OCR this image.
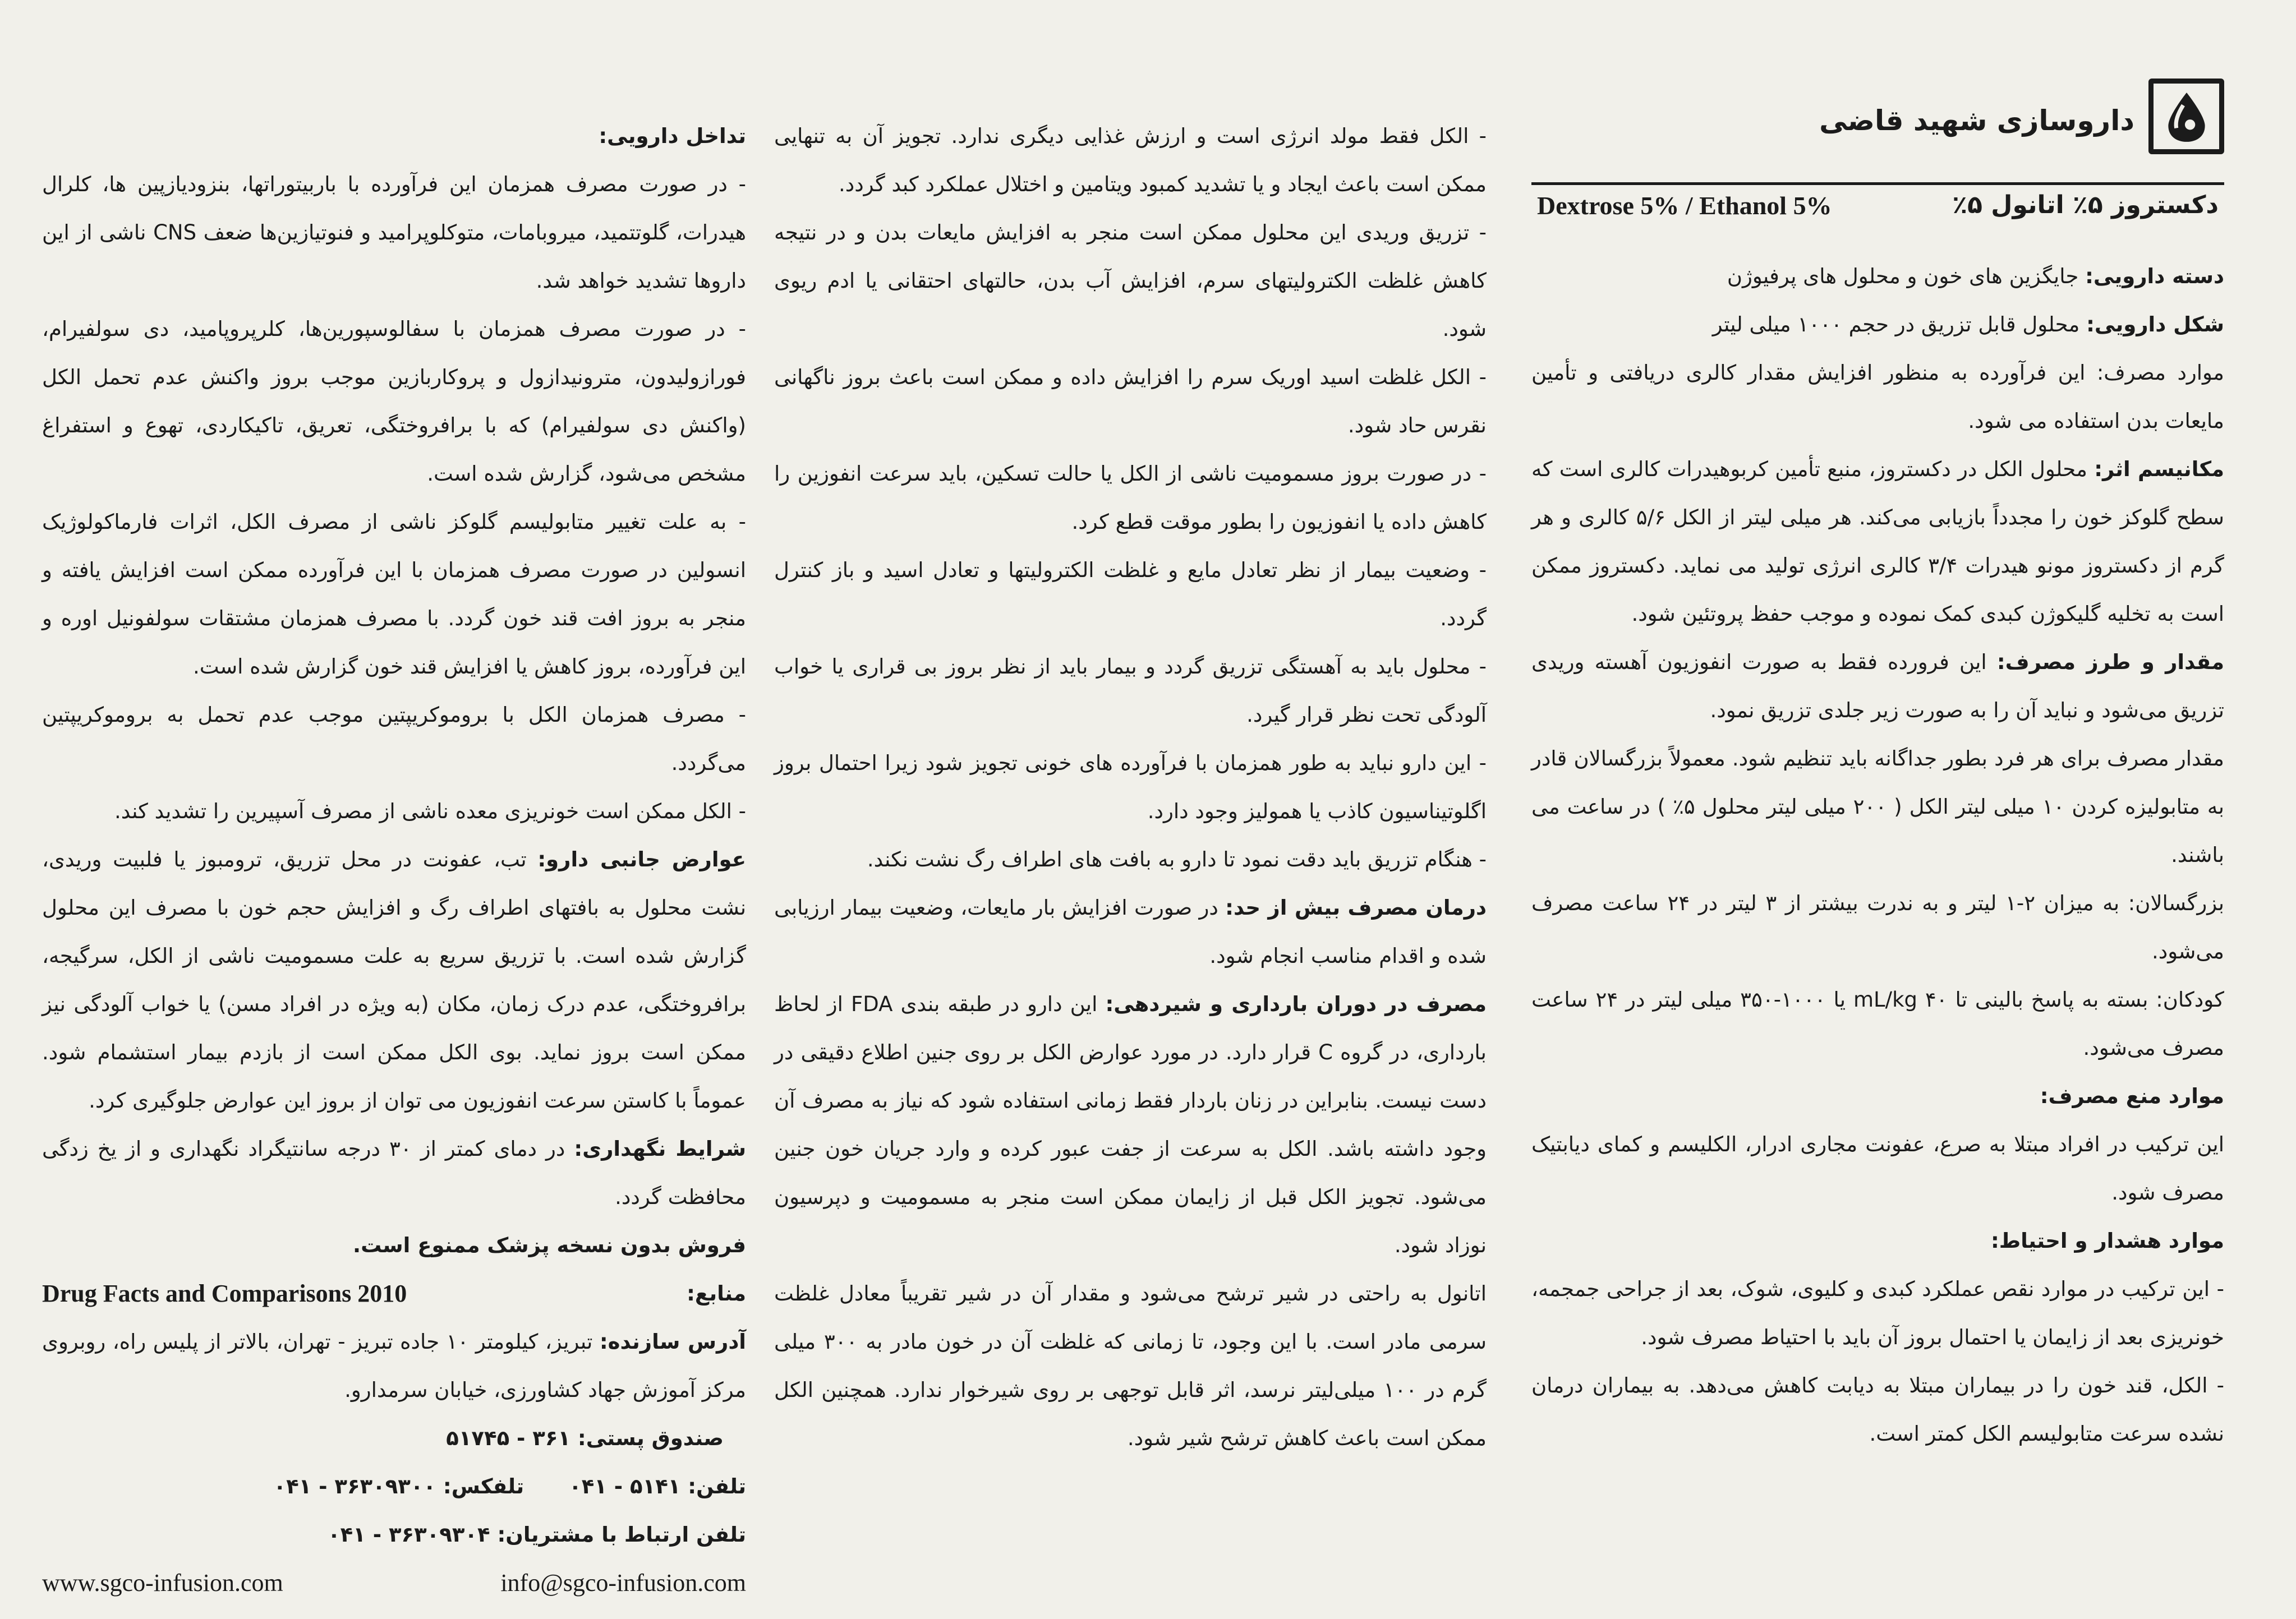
داروسازی شهید قاضی
دکستروز ۵٪ اتانول ۵٪
Dextrose 5% / Ethanol 5%

دسته دارویی: جایگزین های خون و محلول های پرفیوژن

شکل دارویی: محلول قابل تزریق در حجم ۱۰۰۰ میلی لیتر

موارد مصرف: این فرآورده به منظور افزایش مقدار کالری دریافتی و تأمین مایعات بدن استفاده می شود.

مکانیسم اثر: محلول الکل در دکستروز، منبع تأمین کربوهیدرات کالری است که سطح گلوکز خون را مجدداً بازیابی می‌کند. هر میلی لیتر از الکل ۵/۶ کالری و هر گرم از دکستروز مونو هیدرات ۳/۴ کالری انرژی تولید می نماید. دکستروز ممکن است به تخلیه گلیکوژن کبدی کمک نموده و موجب حفظ پروتئین شود.

مقدار و طرز مصرف: این فرورده فقط به صورت انفوزیون آهسته وریدی تزریق می‌شود و نباید آن را به صورت زیر جلدی تزریق نمود.

مقدار مصرف برای هر فرد بطور جداگانه باید تنظیم شود. معمولاً بزرگسالان قادر به متابولیزه کردن ۱۰ میلی لیتر الکل ( ۲۰۰ میلی لیتر محلول ۵٪ ) در ساعت می باشند.

بزرگسالان: به میزان ۲-۱ لیتر و به ندرت بیشتر از ۳ لیتر در ۲۴ ساعت مصرف می‌شود.

کودکان: بسته به پاسخ بالینی تا ۴۰ mL/kg یا ۱۰۰۰-۳۵۰ میلی لیتر در ۲۴ ساعت مصرف می‌شود.

موارد منع مصرف:

این ترکیب در افراد مبتلا به صرع، عفونت مجاری ادرار، الکلیسم و کمای دیابتیک مصرف شود.

موارد هشدار و احتیاط:

- این ترکیب در موارد نقص عملکرد کبدی و کلیوی، شوک، بعد از جراحی جمجمه، خونریزی بعد از زایمان یا احتمال بروز آن باید با احتیاط مصرف شود.

- الکل، قند خون را در بیماران مبتلا به دیابت کاهش می‌دهد. به بیماران درمان نشده سرعت متابولیسم الکل کمتر است.

- الکل فقط مولد انرژی است و ارزش غذایی دیگری ندارد. تجویز آن به تنهایی ممکن است باعث ایجاد و یا تشدید کمبود ویتامین و اختلال عملکرد کبد گردد.

- تزریق وریدی این محلول ممکن است منجر به افزایش مایعات بدن و در نتیجه کاهش غلظت الکترولیتهای سرم، افزایش آب بدن، حالتهای احتقانی یا ادم ریوی شود.

- الکل غلظت اسید اوریک سرم را افزایش داده و ممکن است باعث بروز ناگهانی نقرس حاد شود.

- در صورت بروز مسمومیت ناشی از الکل یا حالت تسکین، باید سرعت انفوزین را کاهش داده یا انفوزیون را بطور موقت قطع کرد.

- وضعیت بیمار از نظر تعادل مایع و غلظت الکترولیتها و تعادل اسید و باز کنترل گردد.

- محلول باید به آهستگی تزریق گردد و بیمار باید از نظر بروز بی قراری یا خواب آلودگی تحت نظر قرار گیرد.

- این دارو نباید به طور همزمان با فرآورده های خونی تجویز شود زیرا احتمال بروز اگلوتیناسیون کاذب یا همولیز وجود دارد.

- هنگام تزریق باید دقت نمود تا دارو به بافت های اطراف رگ نشت نکند.

درمان مصرف بیش از حد: در صورت افزایش بار مایعات، وضعیت بیمار ارزیابی شده و اقدام مناسب انجام شود.

مصرف در دوران بارداری و شیردهی: این دارو در طبقه بندی FDA از لحاظ بارداری، در گروه C قرار دارد. در مورد عوارض الکل بر روی جنین اطلاع دقیقی در دست نیست. بنابراین در زنان باردار فقط زمانی استفاده شود که نیاز به مصرف آن وجود داشته باشد. الکل به سرعت از جفت عبور کرده و وارد جریان خون جنین می‌شود. تجویز الکل قبل از زایمان ممکن است منجر به مسمومیت و دپرسیون نوزاد شود.

اتانول به راحتی در شیر ترشح می‌شود و مقدار آن در شیر تقریباً معادل غلظت سرمی مادر است. با این وجود، تا زمانی که غلظت آن در خون مادر به ۳۰۰ میلی گرم در ۱۰۰ میلی‌لیتر نرسد، اثر قابل توجهی بر روی شیرخوار ندارد. همچنین الکل ممکن است باعث کاهش ترشح شیر شود.

تداخل دارویی:

- در صورت مصرف همزمان این فرآورده با باربیتوراتها، بنزودیازپین ها، کلرال هیدرات، گلوتتمید، میروبامات، متوکلوپرامید و فنوتیازین‌ها ضعف CNS ناشی از این داروها تشدید خواهد شد.

- در صورت مصرف همزمان با سفالوسپورین‌ها، کلرپروپامید، دی سولفیرام، فورازولیدون، مترونیدازول و پروکاربازین موجب بروز واکنش عدم تحمل الکل (واکنش دی سولفیرام) که با برافروختگی، تعریق، تاکیکاردی، تهوع و استفراغ مشخص می‌شود، گزارش شده است.

- به علت تغییر متابولیسم گلوکز ناشی از مصرف الکل، اثرات فارماکولوژیک انسولین در صورت مصرف همزمان با این فرآورده ممکن است افزایش یافته و منجر به بروز افت قند خون گردد. با مصرف همزمان مشتقات سولفونیل اوره و این فرآورده، بروز کاهش یا افزایش قند خون گزارش شده است.

- مصرف همزمان الکل با بروموکریپتین موجب عدم تحمل به بروموکریپتین می‌گردد.

- الکل ممکن است خونریزی معده ناشی از مصرف آسپیرین را تشدید کند.

عوارض جانبی دارو: تب، عفونت در محل تزریق، ترومبوز یا فلبیت وریدی، نشت محلول به بافتهای اطراف رگ و افزایش حجم خون با مصرف این محلول گزارش شده است. با تزریق سریع به علت مسمومیت ناشی از الکل، سرگیجه، برافروختگی، عدم درک زمان، مکان (به ویژه در افراد مسن) یا خواب آلودگی نیز ممکن است بروز نماید. بوی الکل ممکن است از بازدم بیمار استشمام شود. عموماً با کاستن سرعت انفوزیون می توان از بروز این عوارض جلوگیری کرد.

شرایط نگهداری: در دمای کمتر از ۳۰ درجه سانتیگراد نگهداری و از یخ زدگی محافظت گردد.

فروش بدون نسخه پزشک ممنوع است.

منابع:
Drug Facts and Comparisons 2010

آدرس سازنده: تبریز، کیلومتر ۱۰ جاده تبریز - تهران، بالاتر از پلیس راه، روبروی مرکز آموزش جهاد کشاورزی، خیابان سرمدارو.

صندوق پستی: ۳۶۱ - ۵۱۷۴۵

تلفن: ۵۱۴۱ - ۰۴۱
تلفکس: ۳۶۳۰۹۳۰۰ - ۰۴۱

تلفن ارتباط با مشتریان: ۳۶۳۰۹۳۰۴ - ۰۴۱

www.sgco-infusion.com	info@sgco-infusion.com
